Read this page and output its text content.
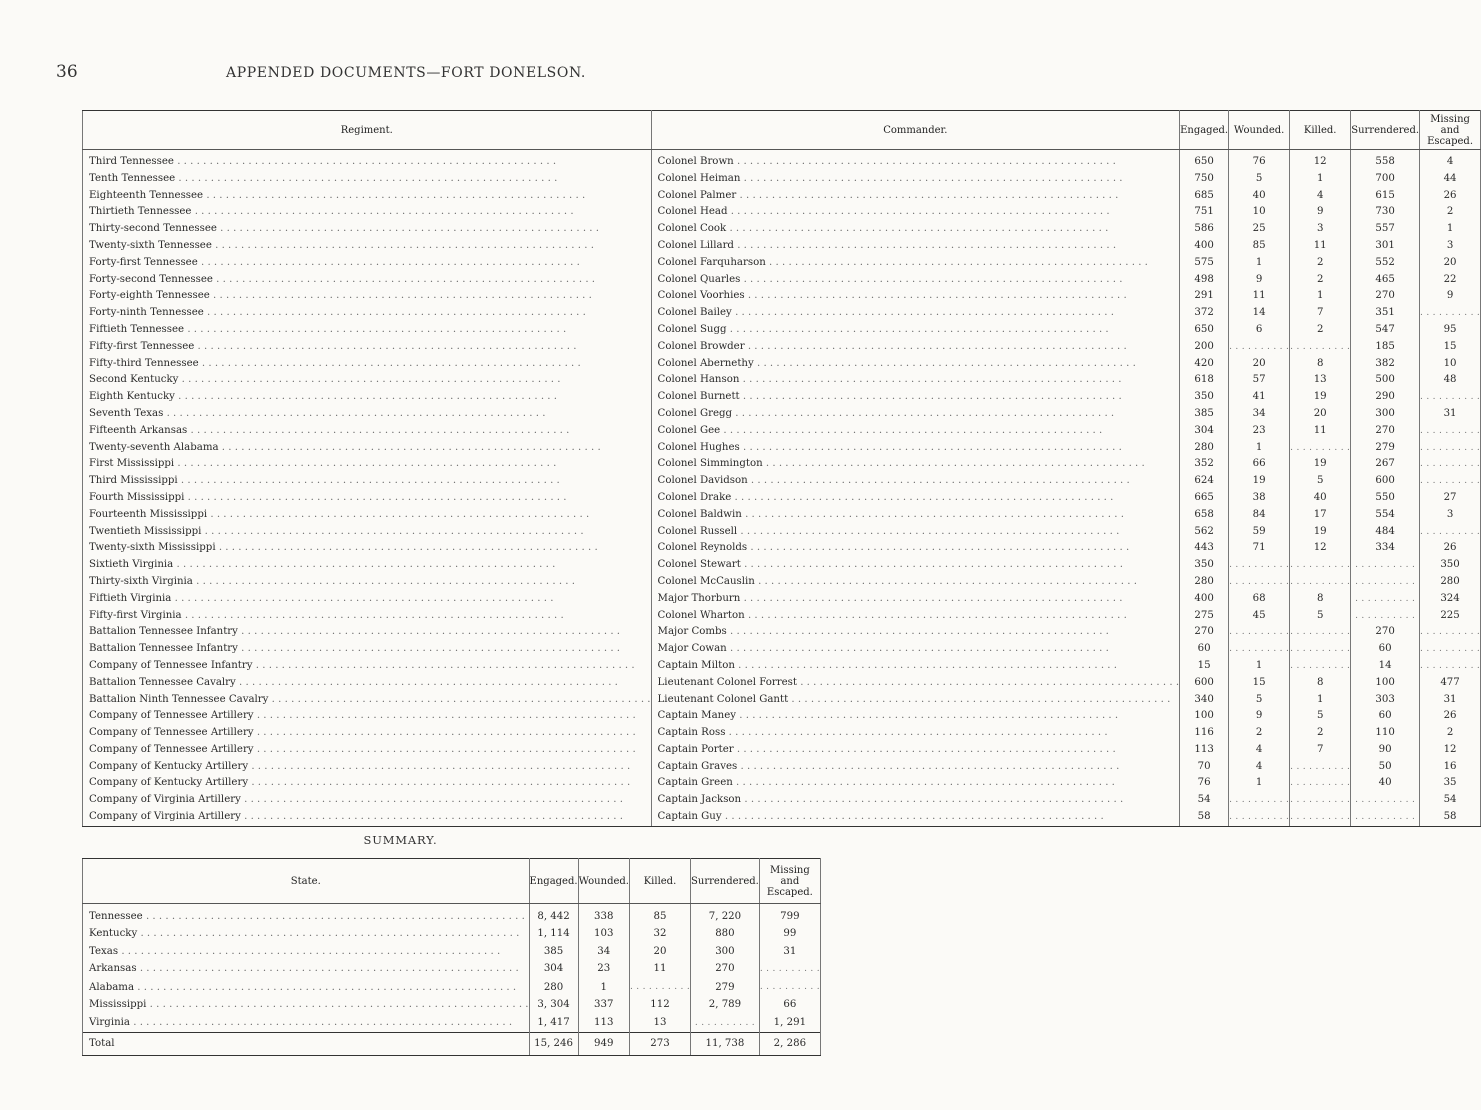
36	APPENDED DOCUMENTS—FORT DONELSON.
Regiment.	Commander.	Engaged.	Wounded.	Killed.	Surrendered.	Missing and Escaped.
Third Tennessee . . .	Colonel Brown . . .	650	76	12	558	4
Tenth Tennessee . . .	Colonel Heiman . . .	750	5	1	700	44
Eighteenth Tennessee . . .	Colonel Palmer . . .	685	40	4	615	26
Thirtieth Tennessee . . .	Colonel Head . . .	751	10	9	730	2
Thirty-second Tennessee . . .	Colonel Cook . . .	586	25	3	557	1
Twenty-sixth Tennessee . . .	Colonel Lillard . . .	400	85	11	301	3
Forty-first Tennessee . . .	Colonel Farquharson . . .	575	1	2	552	20
Forty-second Tennessee . . .	Colonel Quarles . . .	498	9	2	465	22
Forty-eighth Tennessee . . .	Colonel Voorhies . . .	291	11	1	270	9
Forty-ninth Tennessee . . .	Colonel Bailey . . .	372	14	7	351	. . .
Fiftieth Tennessee . . .	Colonel Sugg . . .	650	6	2	547	95
Fifty-first Tennessee . . .	Colonel Browder . . .	200	. . .	. . .	185	15
Fifty-third Tennessee . . .	Colonel Abernethy . . .	420	20	8	382	10
Second Kentucky . . .	Colonel Hanson . . .	618	57	13	500	48
Eighth Kentucky . . .	Colonel Burnett . . .	350	41	19	290	. . .
Seventh Texas . . .	Colonel Gregg . . .	385	34	20	300	31
Fifteenth Arkansas . . .	Colonel Gee . . .	304	23	11	270	. . .
Twenty-seventh Alabama . . .	Colonel Hughes . . .	280	1	. . .	279	. . .
First Mississippi . . .	Colonel Simmington . . .	352	66	19	267	. . .
Third Mississippi . . .	Colonel Davidson . . .	624	19	5	600	. . .
Fourth Mississippi . . .	Colonel Drake . . .	665	38	40	550	27
Fourteenth Mississippi . . .	Colonel Baldwin . . .	658	84	17	554	3
Twentieth Mississippi . . .	Colonel Russell . . .	562	59	19	484	. . .
Twenty-sixth Mississippi . . .	Colonel Reynolds . . .	443	71	12	334	26
Sixtieth Virginia . . .	Colonel Stewart . . .	350	. . .	. . .	. . .	350
Thirty-sixth Virginia . . .	Colonel McCauslin . . .	280	. . .	. . .	. . .	280
Fiftieth Virginia . . .	Major Thorburn . . .	400	68	8	. . .	324
Fifty-first Virginia . . .	Colonel Wharton . . .	275	45	5	. . .	225
Battalion Tennessee Infantry . . .	Major Combs . . .	270	. . .	. . .	270	. . .
Battalion Tennessee Infantry . . .	Major Cowan . . .	60	. . .	. . .	60	. . .
Company of Tennessee Infantry . . .	Captain Milton . . .	15	1	. . .	14	. . .
Battalion Tennessee Cavalry . . .	Lieutenant Colonel Forrest . . .	600	15	8	100	477
Battalion Ninth Tennessee Cavalry . . .	Lieutenant Colonel Gantt . . .	340	5	1	303	31
Company of Tennessee Artillery . . .	Captain Maney . . .	100	9	5	60	26
Company of Tennessee Artillery . . .	Captain Ross . . .	116	2	2	110	2
Company of Tennessee Artillery . . .	Captain Porter . . .	113	4	7	90	12
Company of Kentucky Artillery . . .	Captain Graves . . .	70	4	. . .	50	16
Company of Kentucky Artillery . . .	Captain Green . . .	76	1	. . .	40	35
Company of Virginia Artillery . . .	Captain Jackson . . .	54	. . .	. . .	. . .	54
Company of Virginia Artillery . . .	Captain Guy . . .	58	. . .	. . .	. . .	58
SUMMARY.
State.	Engaged.	Wounded.	Killed.	Surrendered.	Missing and Escaped.
Tennessee . . .	8, 442	338	85	7, 220	799
Kentucky . . .	1, 114	103	32	880	99
Texas . . .	385	34	20	300	31
Arkansas . . .	304	23	11	270	. . .
Alabama . . .	280	1	. . .	279	. . .
Mississippi . . .	3, 304	337	112	2, 789	66
Virginia . . .	1, 417	113	13	. . .	1, 291
Total	15, 246	949	273	11, 738	2, 286
